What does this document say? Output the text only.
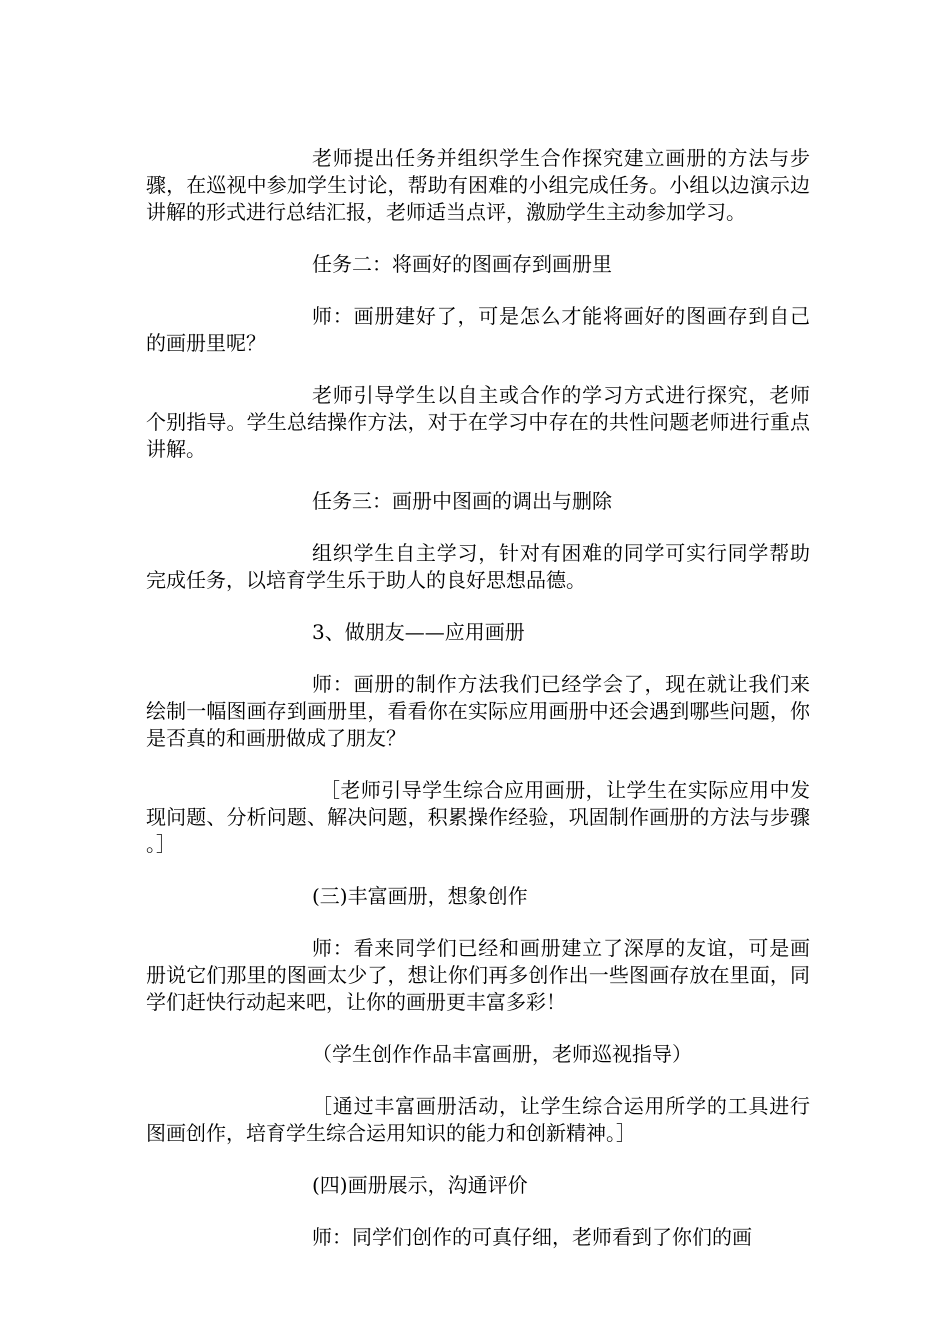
老师提出任务并组织学生合作探究建立画册的方法与步骤，在巡视中参加学生讨论，帮助有困难的小组完成任务。小组以边演示边讲解的形式进行总结汇报，老师适当点评，激励学生主动参加学习。

任务二：将画好的图画存到画册里

师：画册建好了，可是怎么才能将画好的图画存到自己的画册里呢？

老师引导学生以自主或合作的学习方式进行探究，老师个别指导。学生总结操作方法，对于在学习中存在的共性问题老师进行重点讲解。

任务三：画册中图画的调出与删除

组织学生自主学习，针对有困难的同学可实行同学帮助完成任务，以培育学生乐于助人的良好思想品德。

3、做朋友——应用画册

师：画册的制作方法我们已经学会了，现在就让我们来绘制一幅图画存到画册里，看看你在实际应用画册中还会遇到哪些问题，你是否真的和画册做成了朋友？

［老师引导学生综合应用画册，让学生在实际应用中发现问题、分析问题、解决问题，积累操作经验，巩固制作画册的方法与步骤。］

(三)丰富画册，想象创作

师：看来同学们已经和画册建立了深厚的友谊，可是画册说它们那里的图画太少了，想让你们再多创作出一些图画存放在里面，同学们赶快行动起来吧，让你的画册更丰富多彩！

（学生创作作品丰富画册，老师巡视指导）

［通过丰富画册活动，让学生综合运用所学的工具进行图画创作，培育学生综合运用知识的能力和创新精神。］

(四)画册展示，沟通评价

师：同学们创作的可真仔细，老师看到了你们的画
